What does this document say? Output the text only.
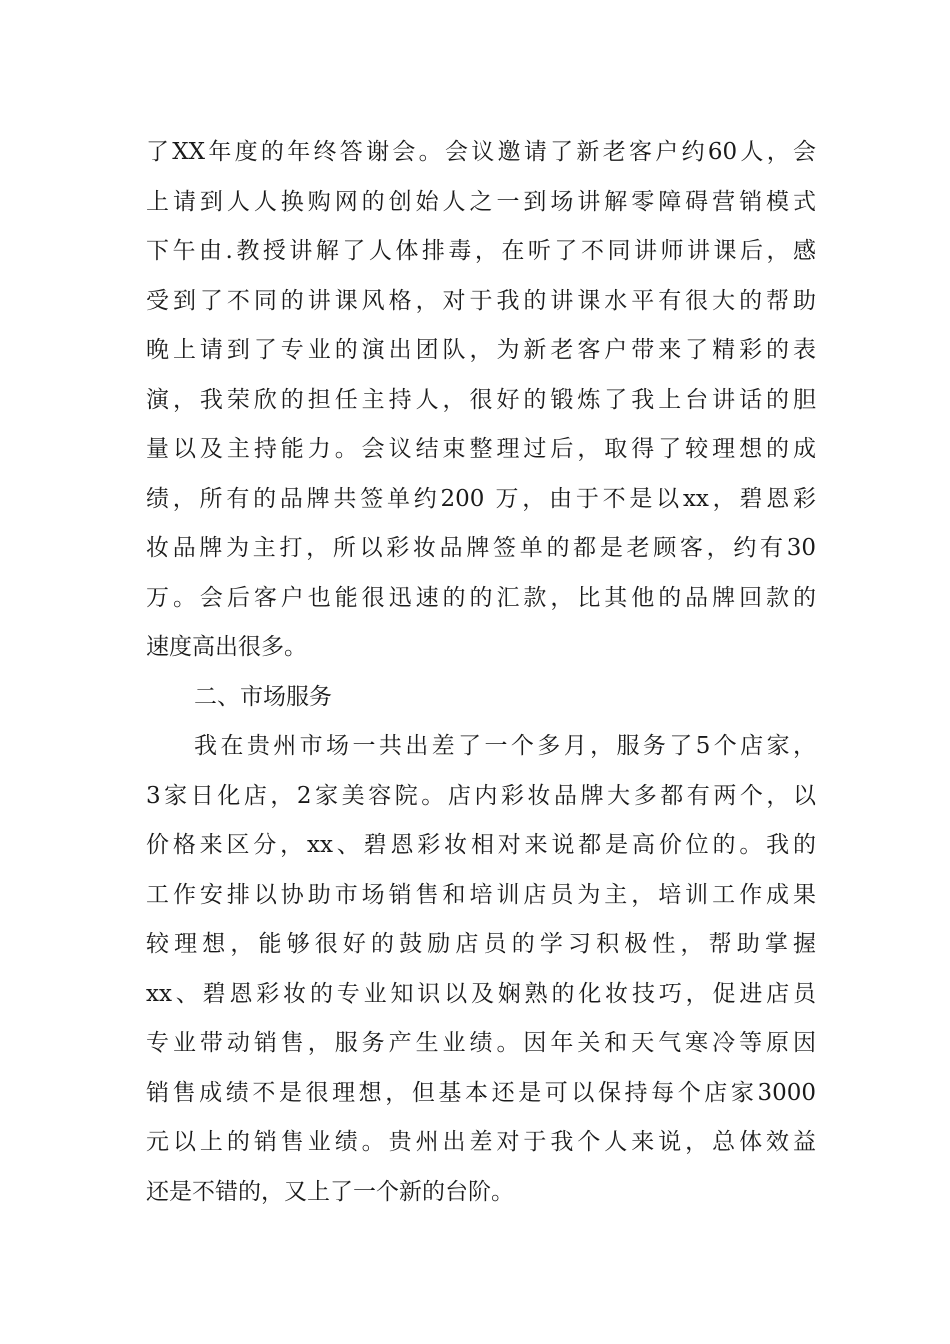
了XX年度的年终答谢会。会议邀请了新老客户约60人，会
上请到人人换购网的创始人之一到场讲解零障碍营销模式
下午由.教授讲解了人体排毒，在听了不同讲师讲课后，感
受到了不同的讲课风格，对于我的讲课水平有很大的帮助
晚上请到了专业的演出团队，为新老客户带来了精彩的表
演，我荣欣的担任主持人，很好的锻炼了我上台讲话的胆
量以及主持能力。会议结束整理过后，取得了较理想的成
绩，所有的品牌共签单约200 万，由于不是以xx，碧恩彩
妆品牌为主打，所以彩妆品牌签单的都是老顾客，约有30
万。会后客户也能很迅速的的汇款，比其他的品牌回款的
速度高出很多。
二、市场服务
我在贵州市场一共出差了一个多月，服务了5个店家，
3家日化店，2家美容院。店内彩妆品牌大多都有两个，以
价格来区分，xx、碧恩彩妆相对来说都是高价位的。我的
工作安排以协助市场销售和培训店员为主，培训工作成果
较理想，能够很好的鼓励店员的学习积极性，帮助掌握
xx、碧恩彩妆的专业知识以及娴熟的化妆技巧，促进店员
专业带动销售，服务产生业绩。因年关和天气寒冷等原因
销售成绩不是很理想，但基本还是可以保持每个店家3000
元以上的销售业绩。贵州出差对于我个人来说，总体效益
还是不错的，又上了一个新的台阶。
